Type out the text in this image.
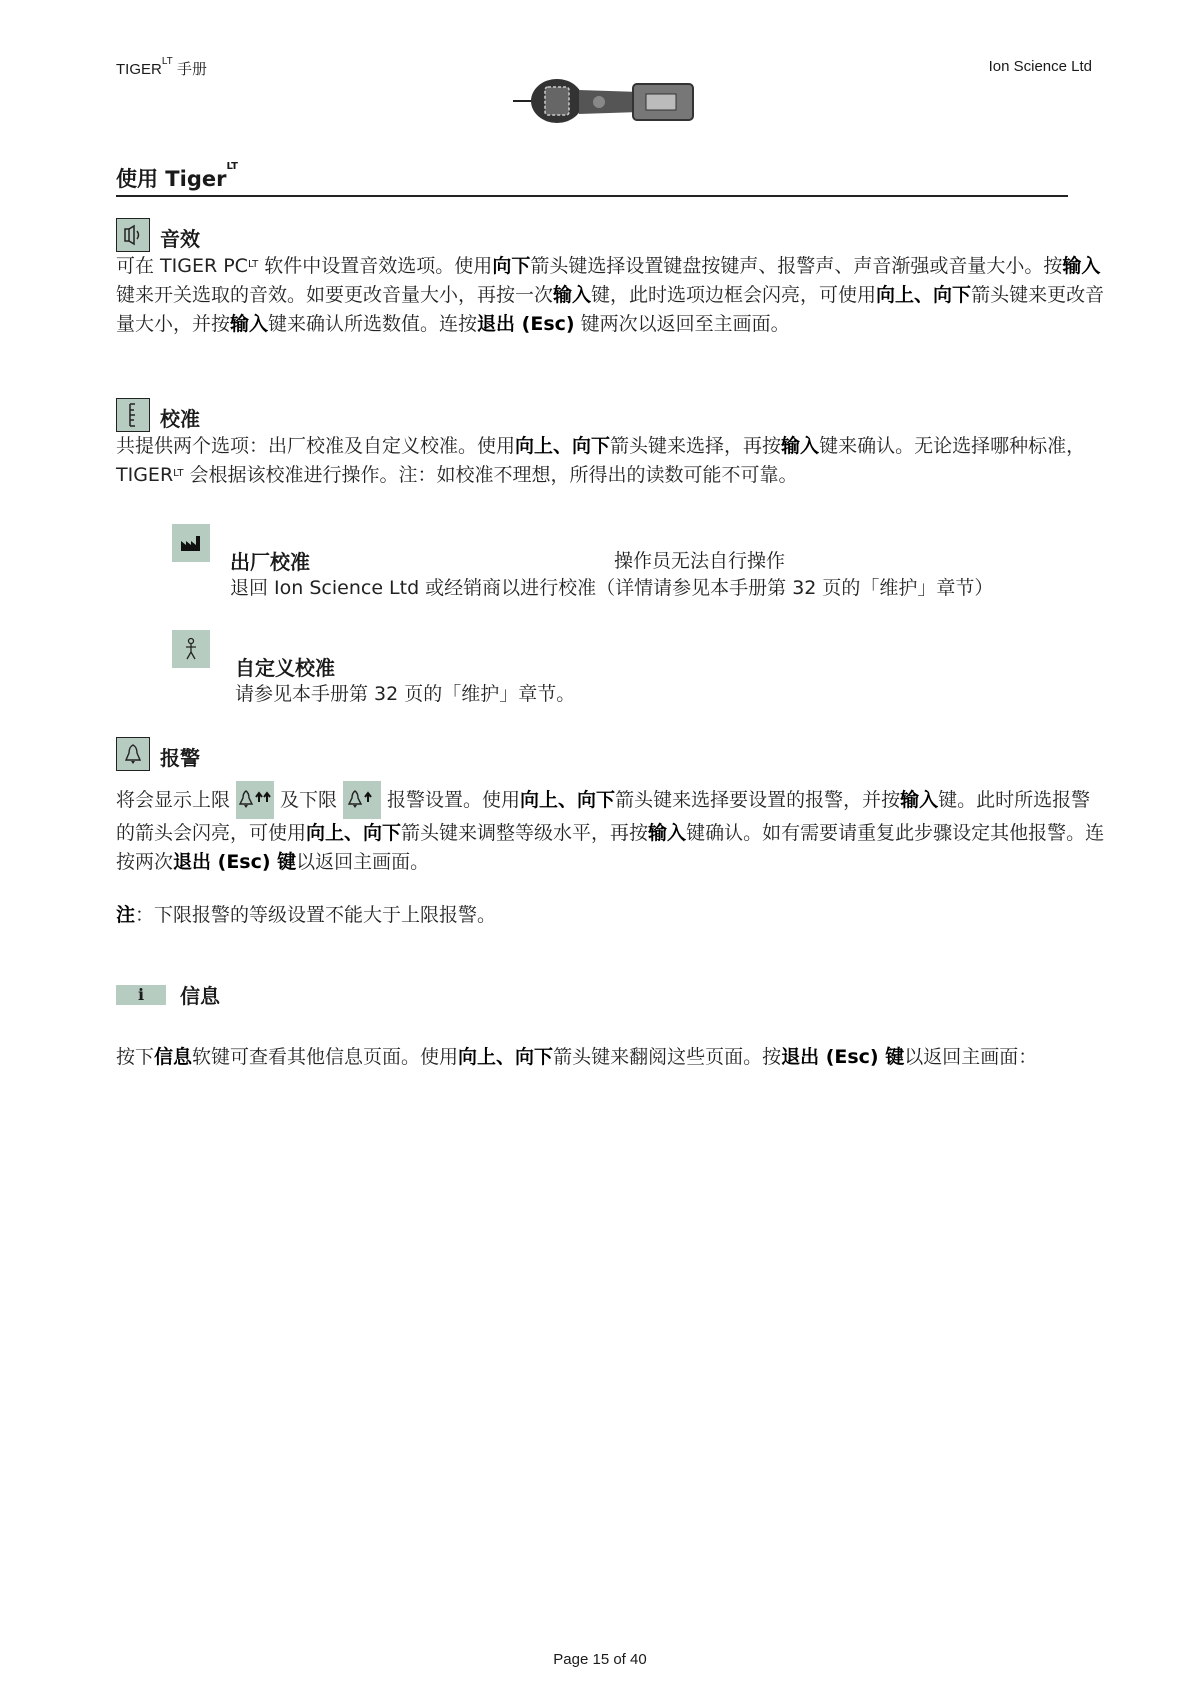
$TIGER^{LT}$ 手册	Ion Science Ltd
使用 Tiger$^{LT}$
音效

可在 TIGER $PC^{LT}$ 软件中设置音效选项。使用向下箭头键选择设置键盘按键声、报警声、声音渐强或音量大小。按输入键来开关选取的音效。如要更改音量大小，再按一次输入键，此时选项边框会闪亮，可使用向上、向下箭头键来更改音量大小，并按输入键来确认所选数值。连按退出 (Esc) 键两次以返回至主画面。

校准

共提供两个选项：出厂校准及自定义校准。使用向上、向下箭头键来选择，再按输入键来确认。无论选择哪种标准，$TIGER^{LT}$ 会根据该校准进行操作。注：如校准不理想，所得出的读数可能不可靠。

出厂校准	操作员无法自行操作

退回 Ion Science Ltd 或经销商以进行校准（详情请参见本手册第 32 页的「维护」章节）

自定义校准

请参见本手册第 32 页的「维护」章节。

报警

将会显示上限	及下限	报警设置。使用向上、向下箭头键来选择要设置的报警，并按输入键。此时所选报警的箭头会闪亮，可使用向上、向下箭头键来调整等级水平，再按输入键确认。如有需要请重复此步骤设定其他报警。连按两次退出 (Esc) 键以返回主画面。

注：下限报警的等级设置不能大于上限报警。

i	信息

按下信息软键可查看其他信息页面。使用向上、向下箭头键来翻阅这些页面。按退出 (Esc) 键以返回主画面：

Page 15 of 40
